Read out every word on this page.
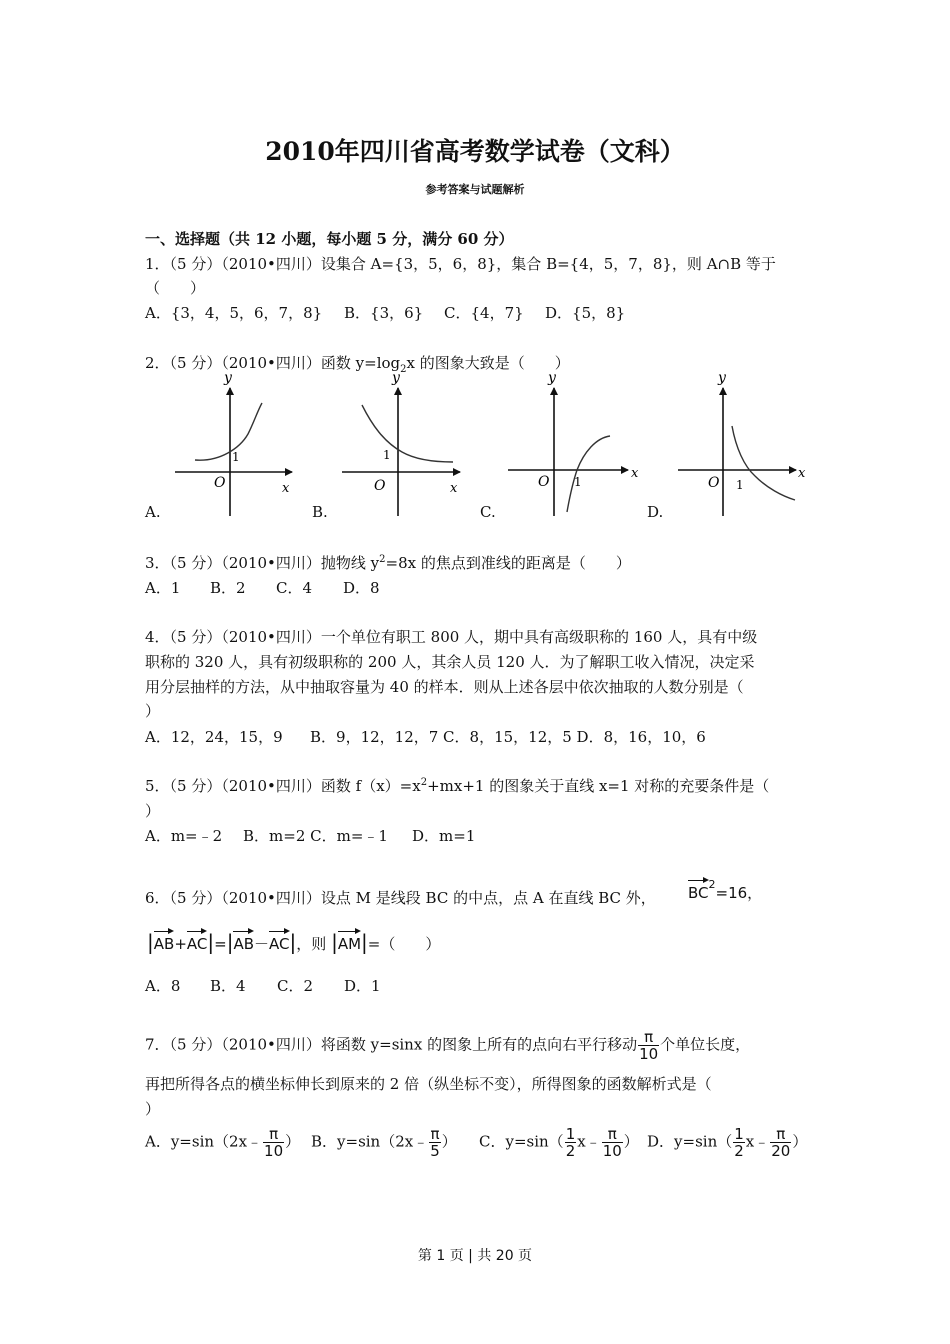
2010年四川省高考数学试卷（文科）
参考答案与试题解析
一、选择题（共 12 小题，每小题 5 分，满分 60 分）
1．（5 分）（2010•四川）设集合 A={3，5，6，8}，集合 B={4，5，7，8}，则 A∩B 等于
（　　）
A．{3，4，5，6，7，8} B．{3，6} C．{4，7} D．{5，8}
2．（5 分）（2010•四川）函数 $y=\log_2x$ 的图象大致是（　　）
y
x
O
1
y
x
O
1
y
x
O 1
y
x
O 1
A.	B.	C.	D.
3．（5 分）（2010•四川）抛物线 $y^2=8x$ 的焦点到准线的距离是（　　）
A．1 B．2 C．4 D．8
4．（5 分）（2010•四川）一个单位有职工 800 人，期中具有高级职称的 160 人，具有中级
职称的 320 人，具有初级职称的 200 人，其余人员 120 人．为了解职工收入情况，决定采
用分层抽样的方法，从中抽取容量为 40 的样本．则从上述各层中依次抽取的人数分别是（
）
A．12，24，15，9 B．9，12，12，7 C．8，15，12，5 D．8，16，10，6
5．（5 分）（2010•四川）函数 $f(x)=x^2+mx+1$ 的图象关于直线 x=1 对称的充要条件是（
）
A．m=﹣2 B．m=2 C．m=﹣1 D．m=1
6．（5 分）（2010•四川）设点 M 是线段 BC 的中点，点 A 在直线 BC 外， $BC^2=16$，
|AB+AC|=|AB－AC|，则 |AM|=（　　）
A．8 B．4 C．2 D．1
7．（5 分）（2010•四川）将函数 y=sinx 的图象上所有的点向右平行移动 $\frac{\pi}{10}$ 个单位长度，
再把所得各点的横坐标伸长到原来的 2 倍（纵坐标不变），所得图象的函数解析式是（
）
A．y=sin（2x﹣ $\frac{\pi}{10}$ ） B．y=sin（2x﹣ $\frac{\pi}{5}$ ） C．$y=\sin( \frac{1}{2}$ x﹣ $\frac{\pi}{10}$ ） D．$y=\sin( \frac{1}{2}$ x﹣ $\frac{\pi}{20}$ ）
第 1 页 | 共 20 页
